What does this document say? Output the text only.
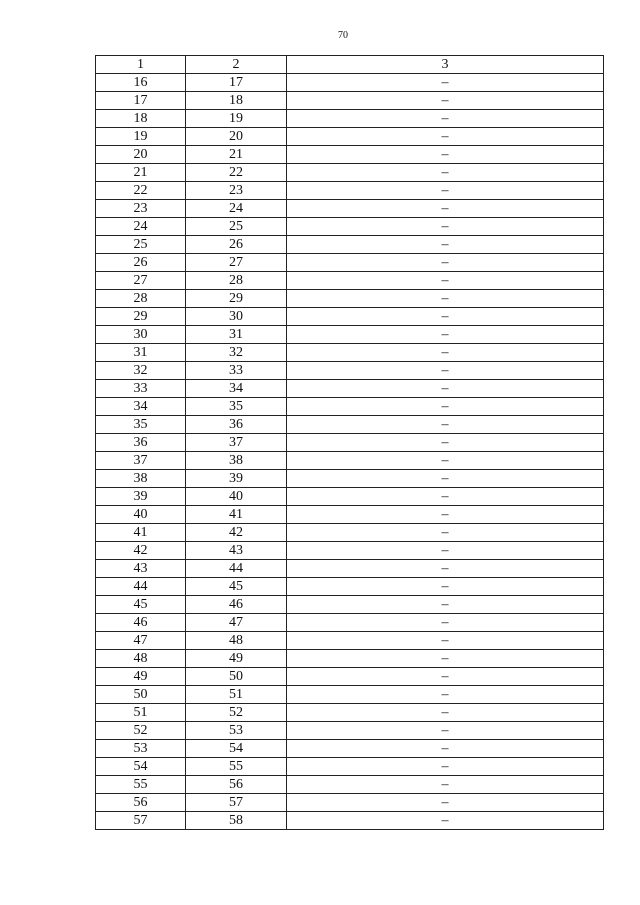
70
1	2	3
16	17	–
17	18	–
18	19	–
19	20	–
20	21	–
21	22	–
22	23	–
23	24	–
24	25	–
25	26	–
26	27	–
27	28	–
28	29	–
29	30	–
30	31	–
31	32	–
32	33	–
33	34	–
34	35	–
35	36	–
36	37	–
37	38	–
38	39	–
39	40	–
40	41	–
41	42	–
42	43	–
43	44	–
44	45	–
45	46	–
46	47	–
47	48	–
48	49	–
49	50	–
50	51	–
51	52	–
52	53	–
53	54	–
54	55	–
55	56	–
56	57	–
57	58	–
